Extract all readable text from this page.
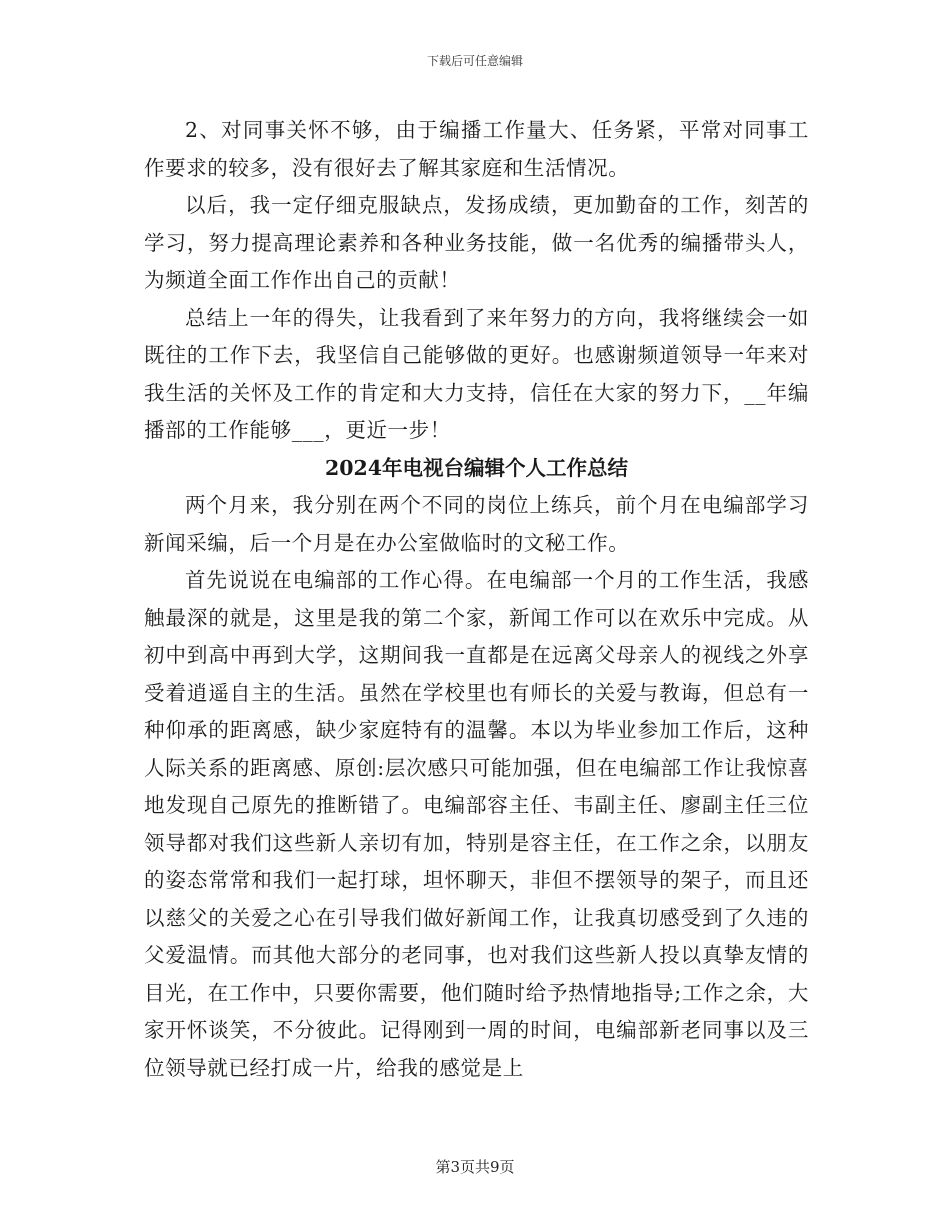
下载后可任意编辑

2、对同事关怀不够，由于编播工作量大、任务紧，平常对同事工作要求的较多，没有很好去了解其家庭和生活情况。

以后，我一定仔细克服缺点，发扬成绩，更加勤奋的工作，刻苦的学习，努力提高理论素养和各种业务技能，做一名优秀的编播带头人，为频道全面工作作出自己的贡献！

总结上一年的得失，让我看到了来年努力的方向，我将继续会一如既往的工作下去，我坚信自己能够做的更好。也感谢频道领导一年来对我生活的关怀及工作的肯定和大力支持，信任在大家的努力下，__年编播部的工作能够___，更近一步！

2024年电视台编辑个人工作总结

两个月来，我分别在两个不同的岗位上练兵，前个月在电编部学习新闻采编，后一个月是在办公室做临时的文秘工作。

首先说说在电编部的工作心得。在电编部一个月的工作生活，我感触最深的就是，这里是我的第二个家，新闻工作可以在欢乐中完成。从初中到高中再到大学，这期间我一直都是在远离父母亲人的视线之外享受着逍遥自主的生活。虽然在学校里也有师长的关爱与教诲，但总有一种仰承的距离感，缺少家庭特有的温馨。本以为毕业参加工作后，这种人际关系的距离感、原创:层次感只可能加强，但在电编部工作让我惊喜地发现自己原先的推断错了。电编部容主任、韦副主任、廖副主任三位领导都对我们这些新人亲切有加，特别是容主任，在工作之余，以朋友的姿态常常和我们一起打球，坦怀聊天，非但不摆领导的架子，而且还以慈父的关爱之心在引导我们做好新闻工作，让我真切感受到了久违的父爱温情。而其他大部分的老同事，也对我们这些新人投以真挚友情的目光，在工作中，只要你需要，他们随时给予热情地指导;工作之余，大家开怀谈笑，不分彼此。记得刚到一周的时间，电编部新老同事以及三位领导就已经打成一片，给我的感觉是上

第3页共9页
